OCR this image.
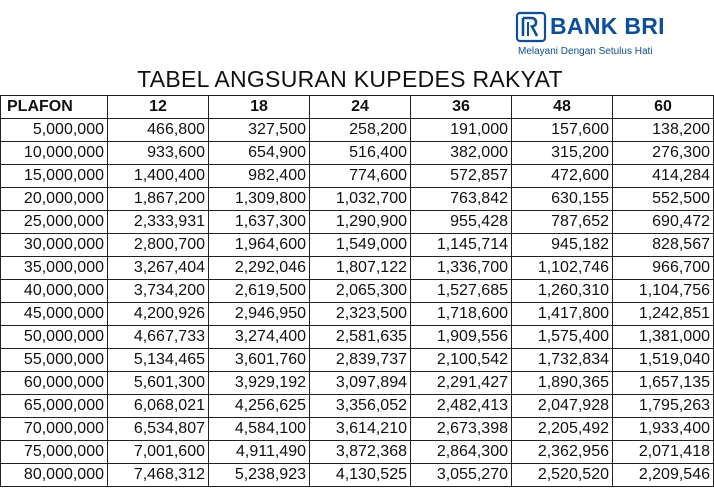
BANK BRI
Melayani Dengan Setulus Hati
TABEL ANGSURAN KUPEDES RAKYAT
PLAFON	12	18	24	36	48	60
5,000,000	466,800	327,500	258,200	191,000	157,600	138,200
10,000,000	933,600	654,900	516,400	382,000	315,200	276,300
15,000,000	1,400,400	982,400	774,600	572,857	472,600	414,284
20,000,000	1,867,200	1,309,800	1,032,700	763,842	630,155	552,500
25,000,000	2,333,931	1,637,300	1,290,900	955,428	787,652	690,472
30,000,000	2,800,700	1,964,600	1,549,000	1,145,714	945,182	828,567
35,000,000	3,267,404	2,292,046	1,807,122	1,336,700	1,102,746	966,700
40,000,000	3,734,200	2,619,500	2,065,300	1,527,685	1,260,310	1,104,756
45,000,000	4,200,926	2,946,950	2,323,500	1,718,600	1,417,800	1,242,851
50,000,000	4,667,733	3,274,400	2,581,635	1,909,556	1,575,400	1,381,000
55,000,000	5,134,465	3,601,760	2,839,737	2,100,542	1,732,834	1,519,040
60,000,000	5,601,300	3,929,192	3,097,894	2,291,427	1,890,365	1,657,135
65,000,000	6,068,021	4,256,625	3,356,052	2,482,413	2,047,928	1,795,263
70,000,000	6,534,807	4,584,100	3,614,210	2,673,398	2,205,492	1,933,400
75,000,000	7,001,600	4,911,490	3,872,368	2,864,300	2,362,956	2,071,418
80,000,000	7,468,312	5,238,923	4,130,525	3,055,270	2,520,520	2,209,546
